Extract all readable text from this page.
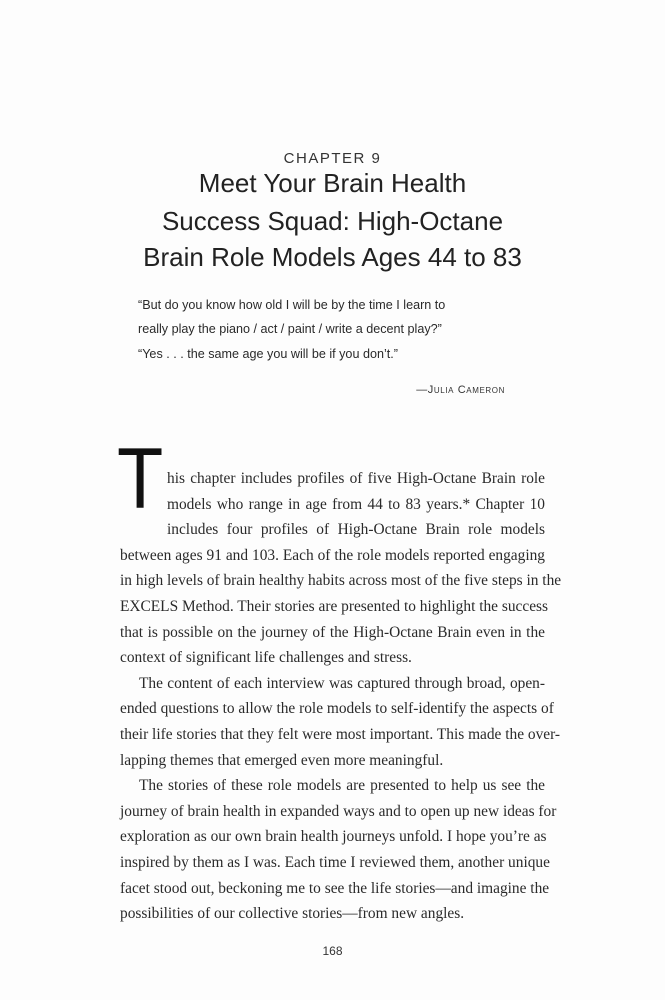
CHAPTER 9
Meet Your Brain Health
Success Squad: High-Octane
Brain Role Models Ages 44 to 83
“But do you know how old I will be by the time I learn to
really play the piano / act / paint / write a decent play?”
“Yes . . . the same age you will be if you don’t.”
—Julia Cameron
T his chapter includes profiles of five High-Octane Brain role
models who range in age from 44 to 83 years.* Chapter 10
includes four profiles of High-Octane Brain role models
between ages 91 and 103. Each of the role models reported engaging
in high levels of brain healthy habits across most of the five steps in the
EXCELS Method. Their stories are presented to highlight the success
that is possible on the journey of the High-Octane Brain even in the
context of significant life challenges and stress.
The content of each interview was captured through broad, open-
ended questions to allow the role models to self-identify the aspects of
their life stories that they felt were most important. This made the over-
lapping themes that emerged even more meaningful.
The stories of these role models are presented to help us see the
journey of brain health in expanded ways and to open up new ideas for
exploration as our own brain health journeys unfold. I hope you’re as
inspired by them as I was. Each time I reviewed them, another unique
facet stood out, beckoning me to see the life stories—and imagine the
possibilities of our collective stories—from new angles.
168
